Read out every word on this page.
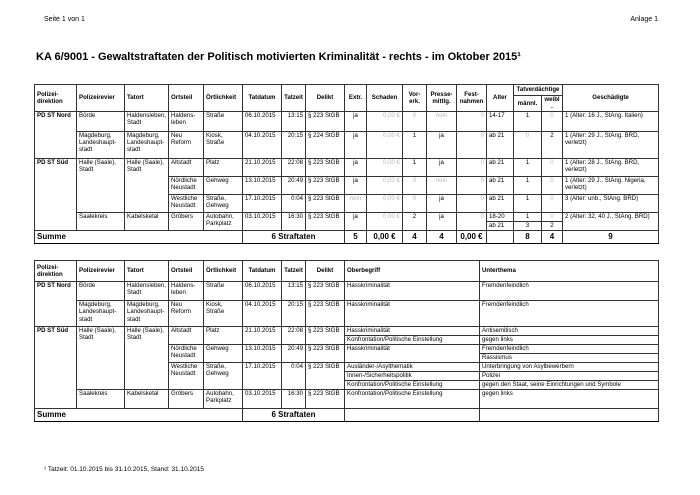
Seite 1 von 1	Anlage 1
KA 6/9001 - Gewaltstraftaten der Politisch motivierten Kriminalität - rechts - im Oktober 2015¹
Polizei-direktion	Polizeirevier	Tatort	Ortsteil	Örtlichkeit	Tatdatum	Tatzeit	Delikt	Extr.	Schaden	Vor-erk.	Presse-mittlg.	Fest-nahmen	Alter	Tatverdächtige		Geschädigte
														männl.	weibl.	
PD ST Nord	Börde	Haldensleben, Stadt	Haldens-leben	Straße	06.10.2015	13:15	§ 223 StGB	ja	0,00 €	0	nein	0	14-17	1	0	1 (Alter: 16 J., StAng. Italien)
	Magdeburg, Landeshaupt-stadt	Magdeburg, Landeshaupt-stadt	Neu Reform	Kiosk, Straße	04.10.2015	20:15	§ 224 StGB	ja	0,00 €	1	ja	0	ab 21	0	2	1 (Alter: 29 J., StAng. BRD, verletzt)
PD ST Süd	Halle (Saale), Stadt	Halle (Saale), Stadt	Altstadt	Platz	21.10.2015	22:08	§ 223 StGB	ja	0,00 €	1	ja	0	ab 21	1	0	1 (Alter: 28 J., StAng. BRD, verletzt)
			Nördliche Neustadt	Gehweg	13.10.2015	20:49	§ 223 StGB	ja	0,00 €	0	nein	0	ab 21	1	0	1 (Alter: 29 J., StAng. Nigeria, verletzt)
			Westliche Neustadt	Straße, Gehweg	17.10.2015	0:04	§ 223 StGB	nein	0,00 €	0	ja	0	ab 21	1	0	3 (Alter: unb., StAng. BRD)
	Saalekreis	Kabelsketal	Gröbers	Autobahn, Parkplatz	03.10.2015	16:30	§ 223 StGB	ja	0,00 €	2	ja	0	18-20	1	0	2 (Alter: 32, 40 J., StAng. BRD)
													ab 21	3	2	
Summe					6 Straftaten			5	0,00 €	4	4	0,00 €		8	4	9
Polizei-direktion	Polizeirevier	Tatort	Ortsteil	Örtlichkeit	Tatdatum	Tatzeit	Delikt	Oberbegriff	Unterthema
PD ST Nord	Börde	Haldensleben, Stadt	Haldens-leben	Straße	06.10.2015	13:15	§ 223 StGB	Hasskriminalität	Fremdenfeindlich
	Magdeburg, Landeshaupt-stadt	Magdeburg, Landeshaupt-stadt	Neu Reform	Kiosk, Straße	04.10.2015	20:15	§ 223 StGB	Hasskriminalität	Fremdenfeindlich
PD ST Süd	Halle (Saale), Stadt	Halle (Saale), Stadt	Altstadt	Platz	21.10.2015	22:08	§ 223 StGB	Hasskriminalität	Antisemitisch
								Konfrontation/Politische Einstellung	gegen links
			Nördliche Neustadt	Gehweg	13.10.2015	20:49	§ 223 StGB	Hasskriminalität	Fremdenfeindlich
									Rassismus
			Westliche Neustadt	Straße, Gehweg	17.10.2015	0:04	§ 223 StGB	Ausländer-/Asylthematik	Unterbringung von Asylbewerbern
								Innen-/Sicherheitspolitik	Polizei
								Konfrontation/Politische Einstellung	gegen den Staat, seine Einrichtungen und Symbole
	Saalekreis	Kabelsketal	Gröbers	Autobahn, Parkplatz	03.10.2015	16:30	§ 223 StGB	Konfrontation/Politische Einstellung	gegen links
Summe					6 Straftaten				
¹ Tatzeit: 01.10.2015 bis 31.10.2015, Stand: 31.10.2015
